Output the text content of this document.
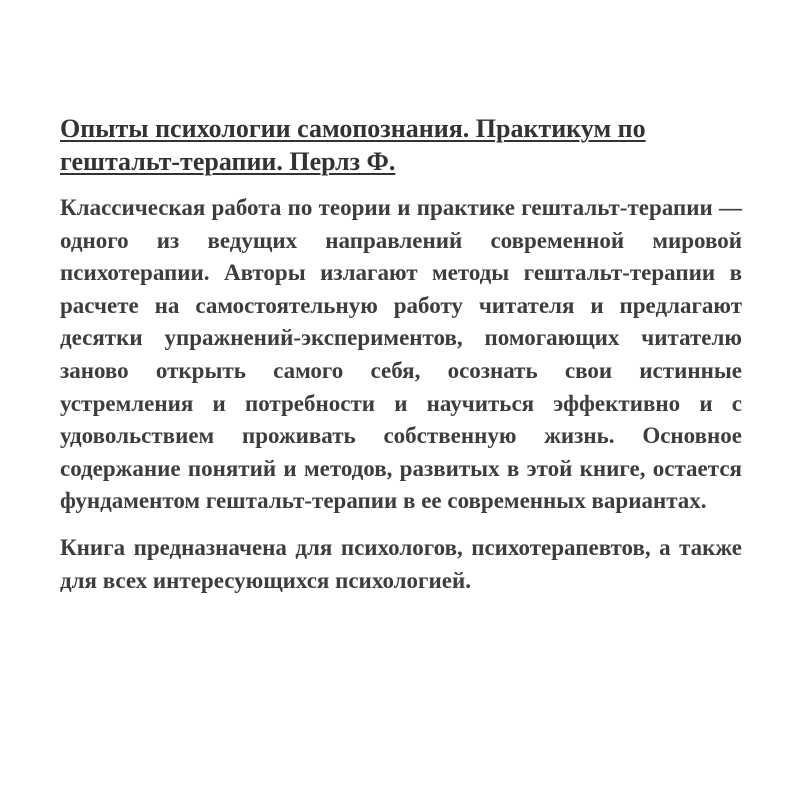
Опыты психологии самопознания. Практикум по гештальт-терапии. Перлз Ф.

Классическая работа по теории и практике гештальт-терапии — одного из ведущих направлений современной мировой психотерапии. Авторы излагают методы гештальт-терапии в расчете на самостоятельную работу читателя и предлагают десятки упражнений-экспериментов, помогающих читателю заново открыть самого себя, осознать свои истинные устремления и потребности и научиться эффективно и с удовольствием проживать собственную жизнь. Основное содержание понятий и методов, развитых в этой книге, остается фундаментом гештальт-терапии в ее современных вариантах.

Книга предназначена для психологов, психотерапевтов, а также для всех интересующихся психологией.
